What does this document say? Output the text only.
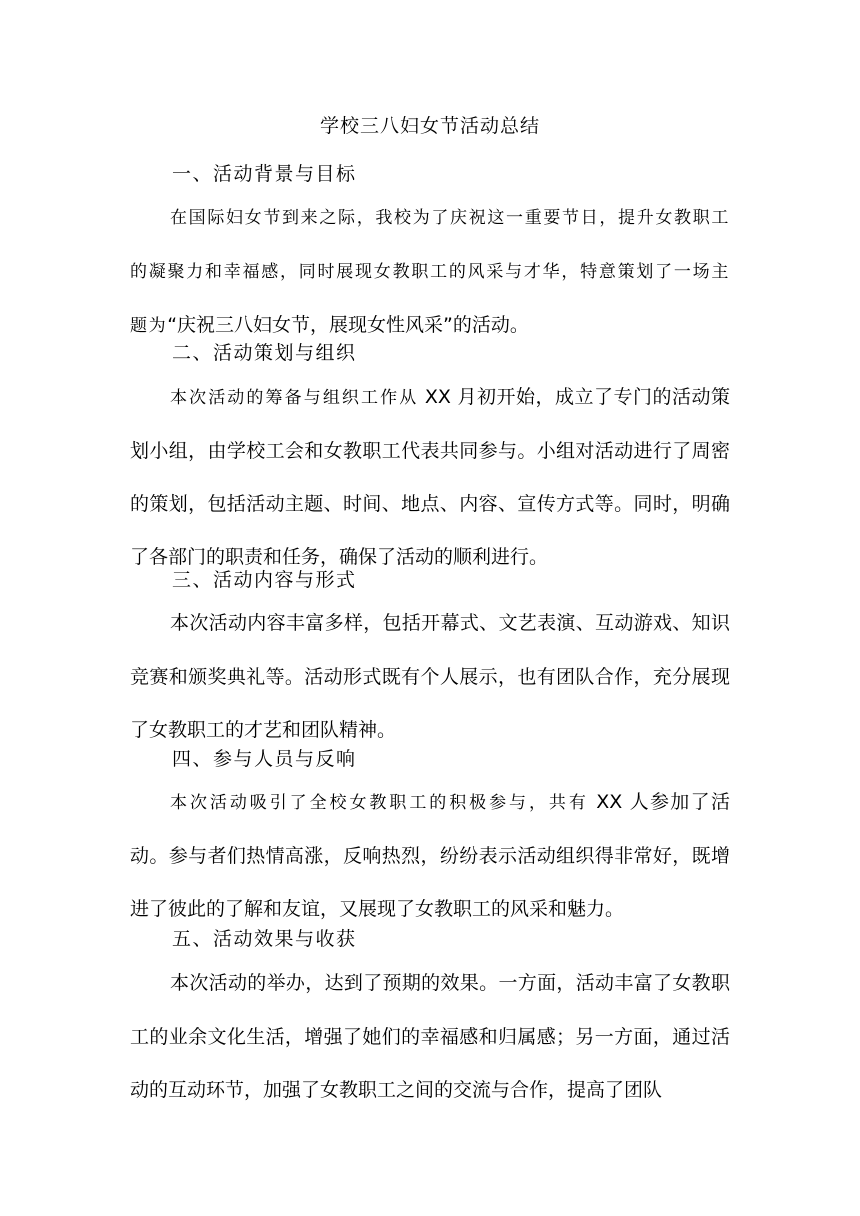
学校三八妇女节活动总结
一、活动背景与目标

在国际妇女节到来之际，我校为了庆祝这一重要节日，提升女教职工的凝聚力和幸福感，同时展现女教职工的风采与才华，特意策划了一场主题为“庆祝三八妇女节，展现女性风采”的活动。

二、活动策划与组织

本次活动的筹备与组织工作从 XX 月初开始，成立了专门的活动策划小组，由学校工会和女教职工代表共同参与。小组对活动进行了周密的策划，包括活动主题、时间、地点、内容、宣传方式等。同时，明确了各部门的职责和任务，确保了活动的顺利进行。

三、活动内容与形式

本次活动内容丰富多样，包括开幕式、文艺表演、互动游戏、知识竞赛和颁奖典礼等。活动形式既有个人展示，也有团队合作，充分展现了女教职工的才艺和团队精神。

四、参与人员与反响

本次活动吸引了全校女教职工的积极参与，共有 XX 人参加了活动。参与者们热情高涨，反响热烈，纷纷表示活动组织得非常好，既增进了彼此的了解和友谊，又展现了女教职工的风采和魅力。

五、活动效果与收获

本次活动的举办，达到了预期的效果。一方面，活动丰富了女教职工的业余文化生活，增强了她们的幸福感和归属感；另一方面，通过活动的互动环节，加强了女教职工之间的交流与合作，提高了团队
